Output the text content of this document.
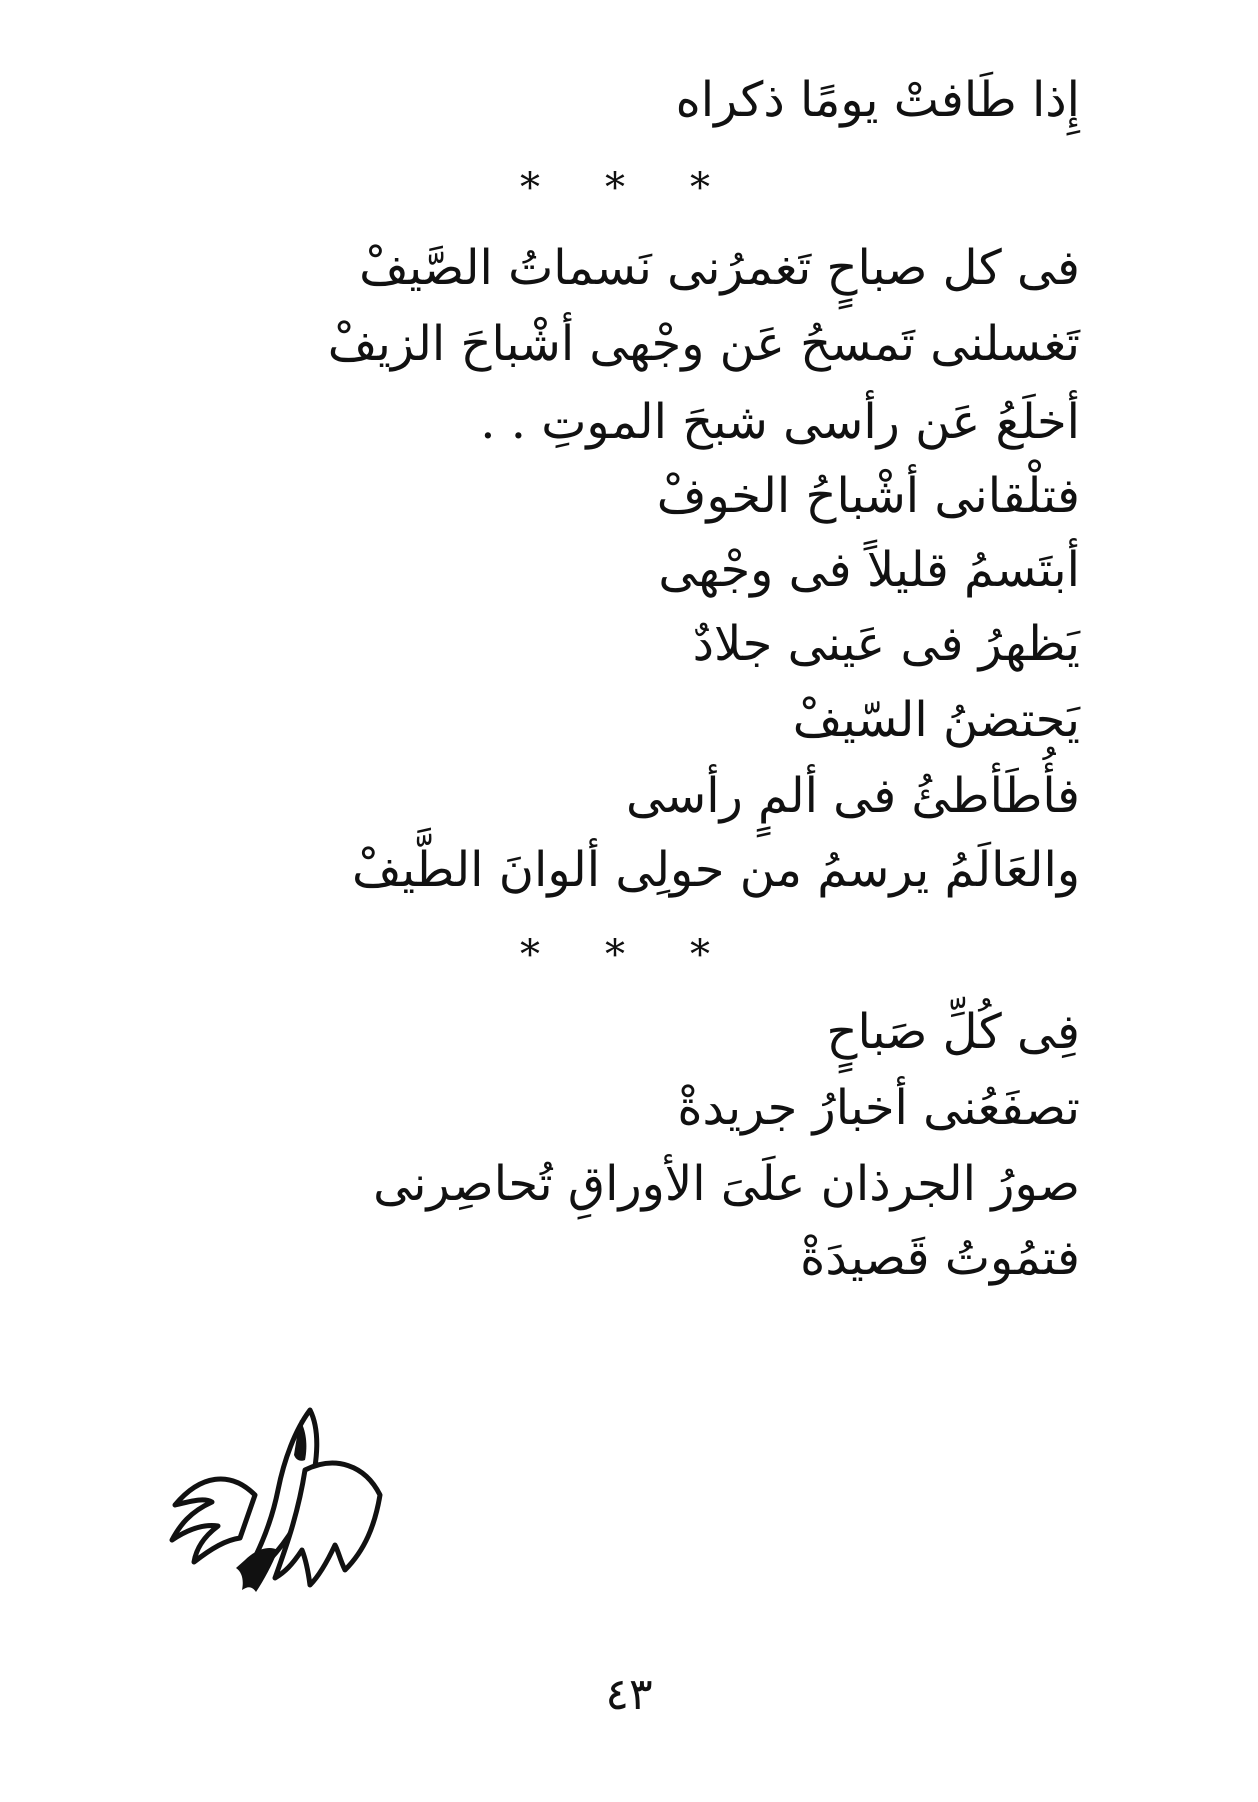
إِذا طَافتْ يومًا ذكراه
* * *
فى كل صباحٍ تَغمرُنى نَسماتُ الصَّيفْ
تَغسلنى تَمسحُ عَن وجْهى أشْباحَ الزيفْ
أخلَعُ عَن رأسى شبحَ الموتِ . .
فتلْقانى أشْباحُ الخوفْ
أبتَسمُ قليلاً فى وجْهى
يَظهرُ فى عَينى جلادٌ
يَحتضنُ السّيفْ
فأُطَأطئُ فى ألمٍ رأسى
والعَالَمُ يرسمُ من حولِى ألوانَ الطَّيفْ
* * *
فِى كُلِّ صَباحٍ
تصفَعُنى أخبارُ جريدةْ
صورُ الجرذان علَىَ الأوراقِ تُحاصِرنى
فتمُوتُ قَصيدَةْ
٤٣
